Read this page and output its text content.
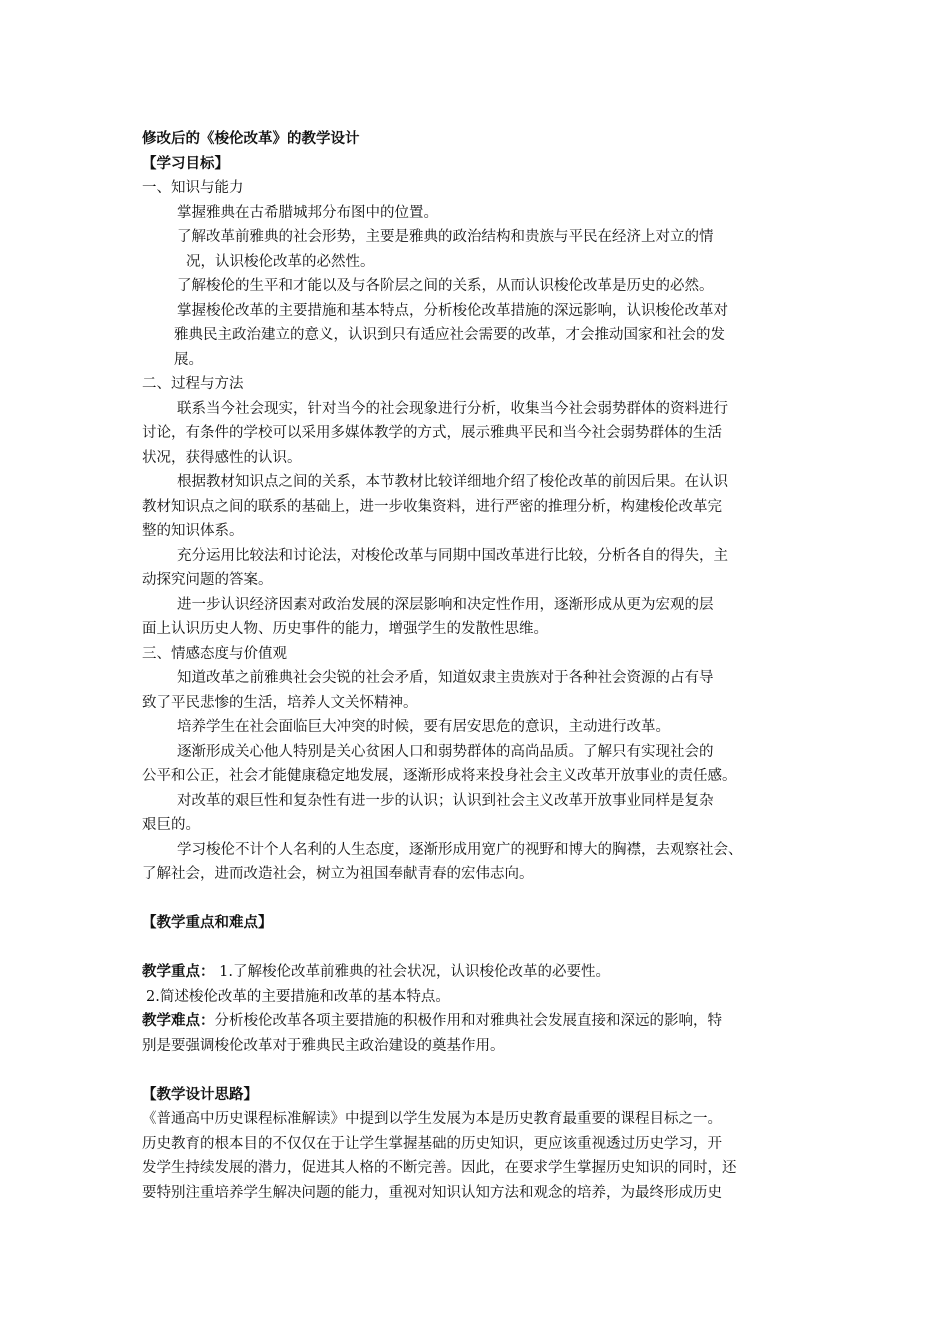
修改后的《梭伦改革》的教学设计
【学习目标】
一、知识与能力
掌握雅典在古希腊城邦分布图中的位置。
了解改革前雅典的社会形势，主要是雅典的政治结构和贵族与平民在经济上对立的情
况，认识梭伦改革的必然性。
了解梭伦的生平和才能以及与各阶层之间的关系，从而认识梭伦改革是历史的必然。
掌握梭伦改革的主要措施和基本特点，分析梭伦改革措施的深远影响，认识梭伦改革对
雅典民主政治建立的意义，认识到只有适应社会需要的改革，才会推动国家和社会的发
展。
二、过程与方法
联系当今社会现实，针对当今的社会现象进行分析，收集当今社会弱势群体的资料进行
讨论，有条件的学校可以采用多媒体教学的方式，展示雅典平民和当今社会弱势群体的生活
状况，获得感性的认识。
根据教材知识点之间的关系，本节教材比较详细地介绍了梭伦改革的前因后果。在认识
教材知识点之间的联系的基础上，进一步收集资料，进行严密的推理分析，构建梭伦改革完
整的知识体系。
充分运用比较法和讨论法，对梭伦改革与同期中国改革进行比较，分析各自的得失，主
动探究问题的答案。
进一步认识经济因素对政治发展的深层影响和决定性作用，逐渐形成从更为宏观的层
面上认识历史人物、历史事件的能力，增强学生的发散性思维。
三、情感态度与价值观
知道改革之前雅典社会尖锐的社会矛盾，知道奴隶主贵族对于各种社会资源的占有导
致了平民悲惨的生活，培养人文关怀精神。
培养学生在社会面临巨大冲突的时候，要有居安思危的意识，主动进行改革。
逐渐形成关心他人特别是关心贫困人口和弱势群体的高尚品质。了解只有实现社会的
公平和公正，社会才能健康稳定地发展，逐渐形成将来投身社会主义改革开放事业的责任感。
对改革的艰巨性和复杂性有进一步的认识；认识到社会主义改革开放事业同样是复杂
艰巨的。
学习梭伦不计个人名利的人生态度，逐渐形成用宽广的视野和博大的胸襟，去观察社会、
了解社会，进而改造社会，树立为祖国奉献青春的宏伟志向。
【教学重点和难点】
教学重点： 1.了解梭伦改革前雅典的社会状况，认识梭伦改革的必要性。
2.简述梭伦改革的主要措施和改革的基本特点。
教学难点：分析梭伦改革各项主要措施的积极作用和对雅典社会发展直接和深远的影响，特
别是要强调梭伦改革对于雅典民主政治建设的奠基作用。
【教学设计思路】
《普通高中历史课程标准解读》中提到以学生发展为本是历史教育最重要的课程目标之一。
历史教育的根本目的不仅仅在于让学生掌握基础的历史知识，更应该重视透过历史学习，开
发学生持续发展的潜力，促进其人格的不断完善。因此，在要求学生掌握历史知识的同时，还
要特别注重培养学生解决问题的能力，重视对知识认知方法和观念的培养，为最终形成历史
